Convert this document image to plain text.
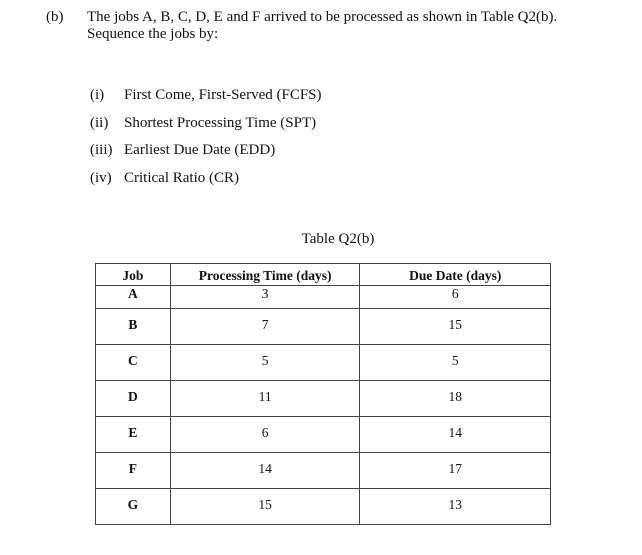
(b) The jobs A, B, C, D, E and F arrived to be processed as shown in Table Q2(b).
Sequence the jobs by:
(i) First Come, First-Served (FCFS)
(ii) Shortest Processing Time (SPT)
(iii) Earliest Due Date (EDD)
(iv) Critical Ratio (CR)
Table Q2(b)
Job	Processing Time (days)	Due Date (days)
A	3	6
B	7	15
C	5	5
D	11	18
E	6	14
F	14	17
G	15	13
